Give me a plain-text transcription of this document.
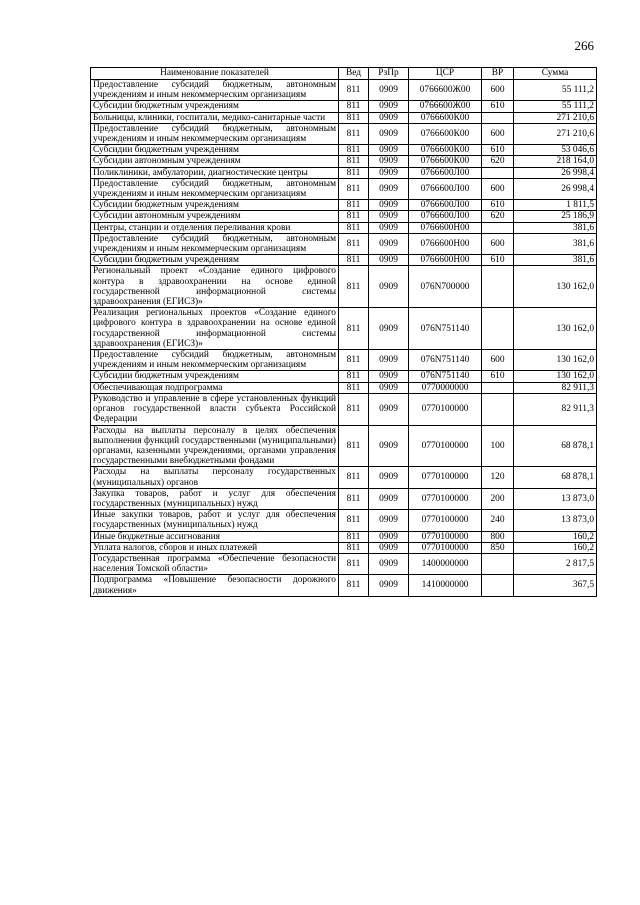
266
Наименование показателей	Вед	РзПр	ЦСР	ВР	Сумма
Предоставление субсидий бюджетным, автономным учреждениям и иным некоммерческим организациям	811	0909	0766600Ж00	600	55 111,2
Субсидии бюджетным учреждениям	811	0909	0766600Ж00	610	55 111,2
Больницы, клиники, госпитали, медико-санитарные части	811	0909	0766600К00		271 210,6
Предоставление субсидий бюджетным, автономным учреждениям и иным некоммерческим организациям	811	0909	0766600К00	600	271 210,6
Субсидии бюджетным учреждениям	811	0909	0766600К00	610	53 046,6
Субсидии автономным учреждениям	811	0909	0766600К00	620	218 164,0
Поликлиники, амбулатории, диагностические центры	811	0909	0766600Л00		26 998,4
Предоставление субсидий бюджетным, автономным учреждениям и иным некоммерческим организациям	811	0909	0766600Л00	600	26 998,4
Субсидии бюджетным учреждениям	811	0909	0766600Л00	610	1 811,5
Субсидии автономным учреждениям	811	0909	0766600Л00	620	25 186,9
Центры, станции и отделения переливания крови	811	0909	0766600Н00		381,6
Предоставление субсидий бюджетным, автономным учреждениям и иным некоммерческим организациям	811	0909	0766600Н00	600	381,6
Субсидии бюджетным учреждениям	811	0909	0766600Н00	610	381,6
Региональный проект «Создание единого цифрового контура в здравоохранении на основе единой государственной информационной системы здравоохранения (ЕГИСЗ)»	811	0909	076N700000		130 162,0
Реализация региональных проектов «Создание единого цифрового контура в здравоохранении на основе единой государственной информационной системы здравоохранения (ЕГИСЗ)»	811	0909	076N751140		130 162,0
Предоставление субсидий бюджетным, автономным учреждениям и иным некоммерческим организациям	811	0909	076N751140	600	130 162,0
Субсидии бюджетным учреждениям	811	0909	076N751140	610	130 162,0
Обеспечивающая подпрограмма	811	0909	0770000000		82 911,3
Руководство и управление в сфере установленных функций органов государственной власти субъекта Российской Федерации	811	0909	0770100000		82 911,3
Расходы на выплаты персоналу в целях обеспечения выполнения функций государственными (муниципальными) органами, казенными учреждениями, органами управления государственными внебюджетными фондами	811	0909	0770100000	100	68 878,1
Расходы на выплаты персоналу государственных (муниципальных) органов	811	0909	0770100000	120	68 878,1
Закупка товаров, работ и услуг для обеспечения государственных (муниципальных) нужд	811	0909	0770100000	200	13 873,0
Иные закупки товаров, работ и услуг для обеспечения государственных (муниципальных) нужд	811	0909	0770100000	240	13 873,0
Иные бюджетные ассигнования	811	0909	0770100000	800	160,2
Уплата налогов, сборов и иных платежей	811	0909	0770100000	850	160,2
Государственная программа «Обеспечение безопасности населения Томской области»	811	0909	1400000000		2 817,5
Подпрограмма «Повышение безопасности дорожного движения»	811	0909	1410000000		367,5
